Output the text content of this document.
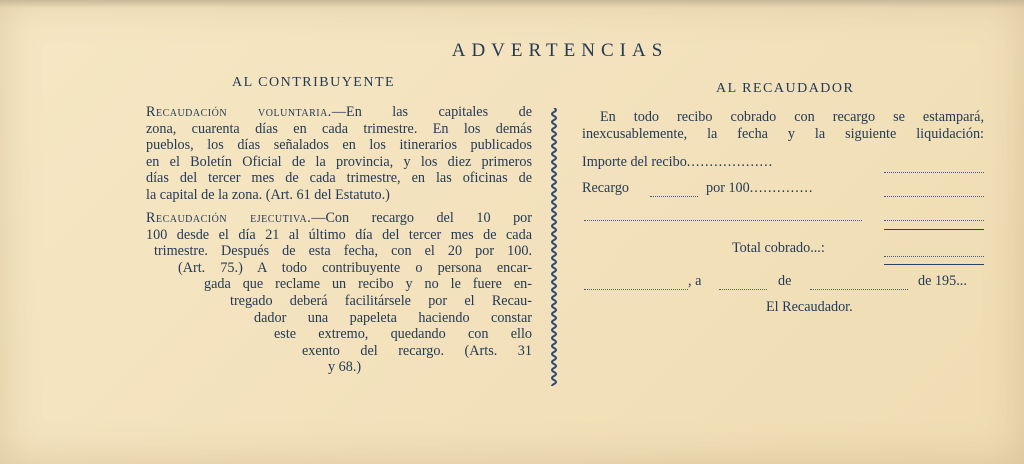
ADVERTENCIAS
AL CONTRIBUYENTE
Recaudación voluntaria.—En las capitales de
zona, cuarenta días en cada trimestre. En los demás
pueblos, los días señalados en los itinerarios publicados
en el Boletín Oficial de la provincia, y los diez primeros
días del tercer mes de cada trimestre, en las oficinas de
la capital de la zona. (Art. 61 del Estatuto.)
Recaudación ejecutiva.—Con recargo del 10 por
100 desde el día 21 al último día del tercer mes de cada
trimestre. Después de esta fecha, con el 20 por 100.
(Art. 75.) A todo contribuyente o persona encar-
gada que reclame un recibo y no le fuere en-
tregado deberá facilitársele por el Recau-
dador una papeleta haciendo constar
este extremo, quedando con ello
exento del recargo. (Arts. 31
y 68.)
AL RECAUDADOR
En todo recibo cobrado con recargo se estampará,
inexcusablemente, la fecha y la siguiente liquidación:
Importe del recibo...................
Recargo	por 100..............
Total cobrado...:
, a	de	de 195...
El Recaudador.
